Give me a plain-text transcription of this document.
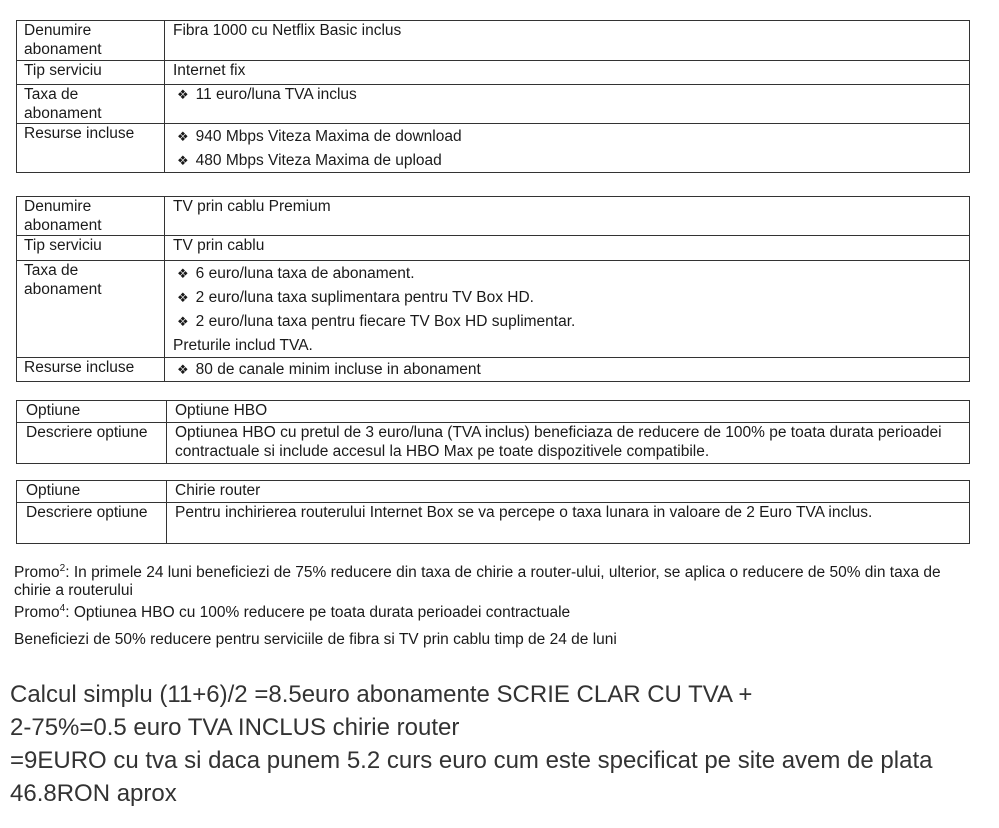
Denumire abonament	Fibra 1000 cu Netflix Basic inclus
Tip serviciu	Internet fix
Taxa de abonament	❖ 11 euro/luna TVA inclus

Resurse incluse	❖ 940 Mbps Viteza Maxima de download
❖ 480 Mbps Viteza Maxima de upload
Denumire abonament	TV prin cablu Premium
Tip serviciu	TV prin cablu
Taxa de abonament	❖ 6 euro/luna taxa de abonament.
❖ 2 euro/luna taxa suplimentara pentru TV Box HD.
❖ 2 euro/luna taxa pentru fiecare TV Box HD suplimentar.
Preturile includ TVA.

Resurse incluse	❖ 80 de canale minim incluse in abonament
Optiune	Optiune HBO
Descriere optiune	Optiunea HBO cu pretul de 3 euro/luna (TVA inclus) beneficiaza de reducere de 100% pe toata durata perioadei contractuale si include accesul la HBO Max pe toate dispozitivele compatibile.
Optiune	Chirie router
Descriere optiune	Pentru inchirierea routerului Internet Box se va percepe o taxa lunara in valoare de 2 Euro TVA inclus.
Promo$^2$: In primele 24 luni beneficiezi de 75% reducere din taxa de chirie a router-ului, ulterior, se aplica o reducere de 50% din taxa de chirie a routerului
Promo$^4$: Optiunea HBO cu 100% reducere pe toata durata perioadei contractuale
Beneficiezi de 50% reducere pentru serviciile de fibra si TV prin cablu timp de 24 de luni
Calcul simplu (11+6)/2 =8.5euro abonamente SCRIE CLAR CU TVA +
2-75%=0.5 euro TVA INCLUS chirie router
=9EURO cu tva si daca punem 5.2 curs euro cum este specificat pe site avem de plata
46.8RON aprox
